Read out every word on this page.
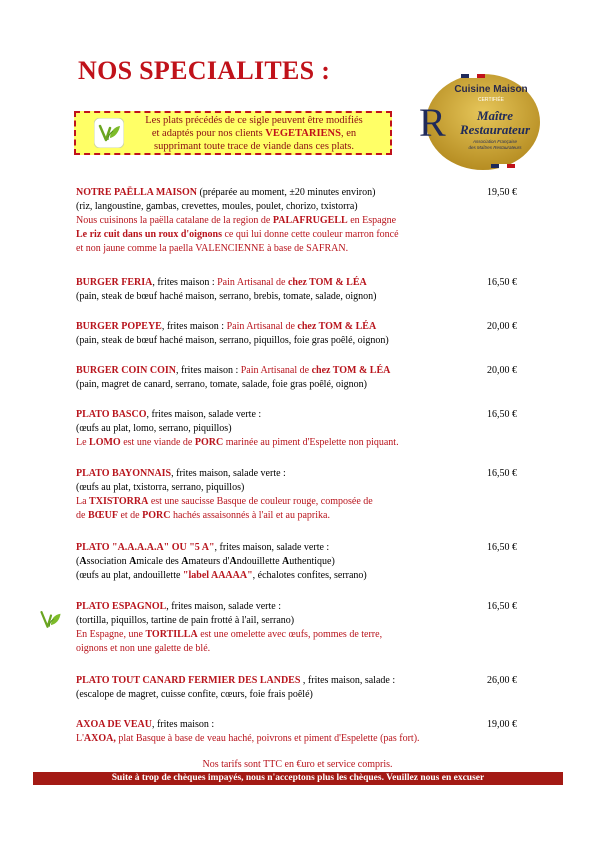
NOS SPECIALITES :
Les plats précédés de ce sigle peuvent être modifiés
et adaptés pour nos clients VEGETARIENS, en
supprimant toute trace de viande dans ces plats.
Cuisine Maison
CERTIFIÉE
R Maître
Restaurateur
Association Française
des Maîtres Restaurateurs
NOTRE PAËLLA MAISON (préparée au moment, ±20 minutes environ)	19,50 €
(riz, langoustine, gambas, crevettes, moules, poulet, chorizo, txistorra)
Nous cuisinons la paëlla catalane de la region de PALAFRUGELL en Espagne
Le riz cuit dans un roux d'oignons ce qui lui donne cette couleur marron foncé
et non jaune comme la paella VALENCIENNE à base de SAFRAN.
BURGER FERIA, frites maison : Pain Artisanal de chez TOM & LÉA	16,50 €
(pain, steak de bœuf haché maison, serrano, brebis, tomate, salade, oignon)
BURGER POPEYE, frites maison : Pain Artisanal de chez TOM & LÉA	20,00 €
(pain, steak de bœuf haché maison, serrano, piquillos, foie gras poêlé, oignon)
BURGER COIN COIN, frites maison : Pain Artisanal de chez TOM & LÉA	20,00 €
(pain, magret de canard, serrano, tomate, salade, foie gras poêlé, oignon)
PLATO BASCO, frites maison, salade verte :	16,50 €
(œufs au plat, lomo, serrano, piquillos)
Le LOMO est une viande de PORC marinée au piment d'Espelette non piquant.
PLATO BAYONNAIS, frites maison, salade verte :	16,50 €
(œufs au plat, txistorra, serrano, piquillos)
La TXISTORRA est une saucisse Basque de couleur rouge, composée de
de BŒUF et de PORC hachés assaisonnés à l'ail et au paprika.
PLATO "A.A.A.A.A" OU "5 A", frites maison, salade verte :	16,50 €
(Association Amicale des Amateurs d'Andouillette Authentique)
(œufs au plat, andouillette "label AAAAA", échalotes confites, serrano)
PLATO ESPAGNOL, frites maison, salade verte :	16,50 €
(tortilla, piquillos, tartine de pain frotté à l'ail, serrano)
En Espagne, une TORTILLA est une omelette avec œufs, pommes de terre,
oignons et non une galette de blé.
PLATO TOUT CANARD FERMIER DES LANDES , frites maison, salade :	26,00 €
(escalope de magret, cuisse confite, cœurs, foie frais poêlé)
AXOA DE VEAU, frites maison :	19,00 €
L'AXOA, plat Basque à base de veau haché, poivrons et piment d'Espelette (pas fort).
Nos tarifs sont TTC en €uro et service compris.
Suite à trop de chèques impayés, nous n'acceptons plus les chèques. Veuillez nous en excuser
